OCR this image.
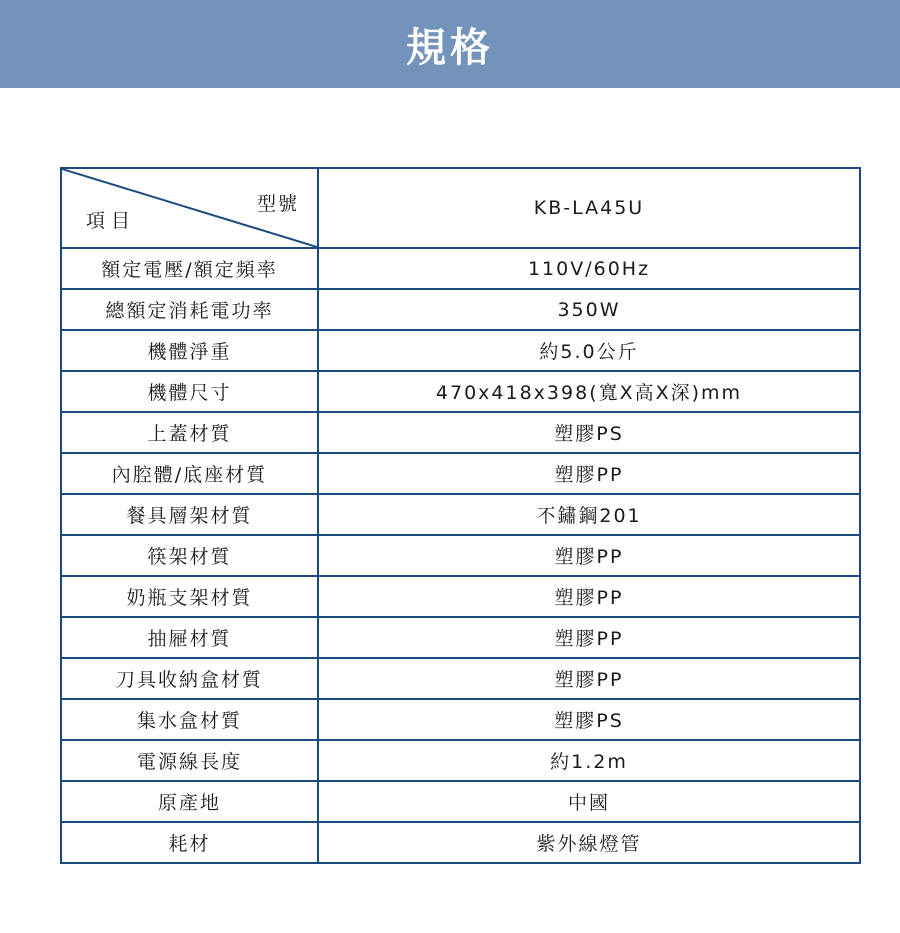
規格
型號
項目	KB-LA45U
額定電壓/額定頻率	110V/60Hz
總額定消耗電功率	350W
機體淨重	約5.0公斤
機體尺寸	470x418x398(寬X高X深)mm
上蓋材質	塑膠PS
內腔體/底座材質	塑膠PP
餐具層架材質	不鏽鋼201
筷架材質	塑膠PP
奶瓶支架材質	塑膠PP
抽屜材質	塑膠PP
刀具收納盒材質	塑膠PP
集水盒材質	塑膠PS
電源線長度	約1.2m
原產地	中國
耗材	紫外線燈管
